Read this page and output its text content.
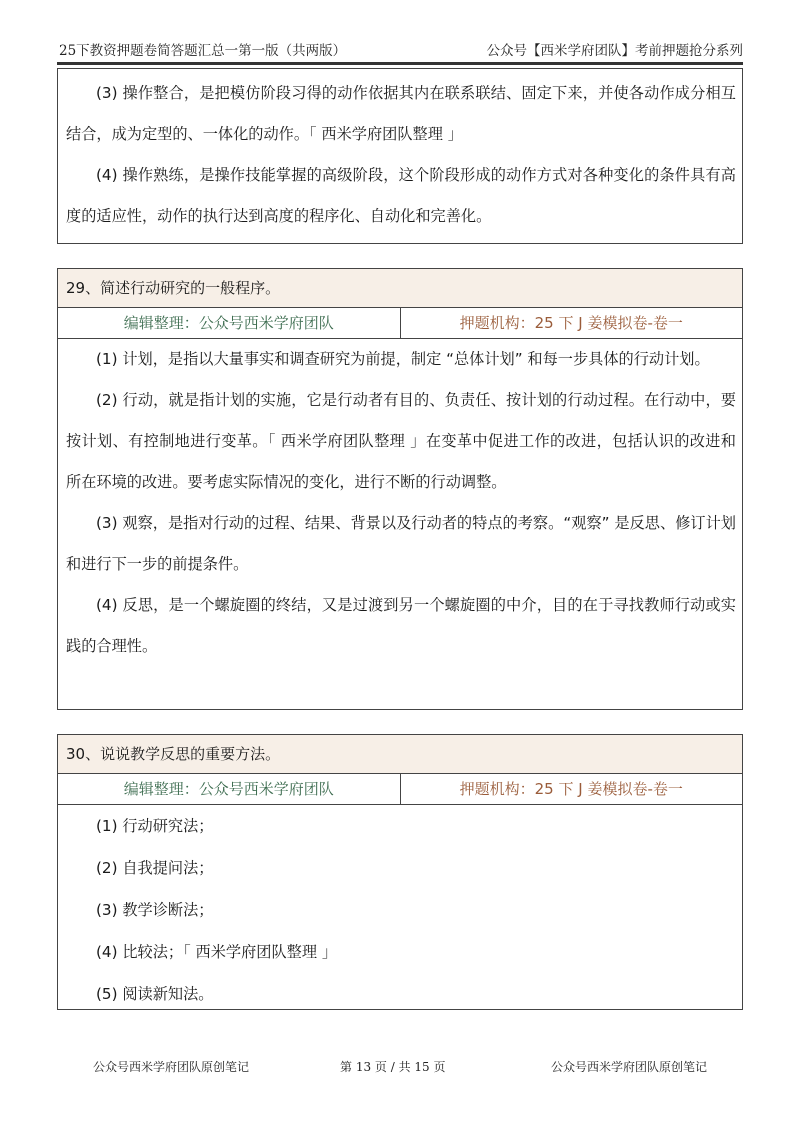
25下教资押题卷简答题汇总一第一版（共两版）	公众号【西米学府团队】考前押题抢分系列

(3) 操作整合，是把模仿阶段习得的动作依据其内在联系联结、固定下来，并使各动作成分相互结合，成为定型的、一体化的动作。「 西米学府团队整理 」

(4) 操作熟练，是操作技能掌握的高级阶段，这个阶段形成的动作方式对各种变化的条件具有高度的适应性，动作的执行达到高度的程序化、自动化和完善化。

29、简述行动研究的一般程序。
编辑整理：公众号西米学府团队	押题机构：25 下 J 姜模拟卷-卷一

(1) 计划，是指以大量事实和调查研究为前提，制定 “总体计划” 和每一步具体的行动计划。

(2) 行动，就是指计划的实施，它是行动者有目的、负责任、按计划的行动过程。在行动中，要按计划、有控制地进行变革。「 西米学府团队整理 」在变革中促进工作的改进，包括认识的改进和所在环境的改进。要考虑实际情况的变化，进行不断的行动调整。

(3) 观察，是指对行动的过程、结果、背景以及行动者的特点的考察。“观察” 是反思、修订计划和进行下一步的前提条件。

(4) 反思，是一个螺旋圈的终结，又是过渡到另一个螺旋圈的中介，目的在于寻找教师行动或实践的合理性。

30、说说教学反思的重要方法。
编辑整理：公众号西米学府团队	押题机构：25 下 J 姜模拟卷-卷一

(1) 行动研究法；

(2) 自我提问法；

(3) 教学诊断法；

(4) 比较法；「 西米学府团队整理 」

(5) 阅读新知法。

公众号西米学府团队原创笔记	第 13 页 / 共 15 页	公众号西米学府团队原创笔记
